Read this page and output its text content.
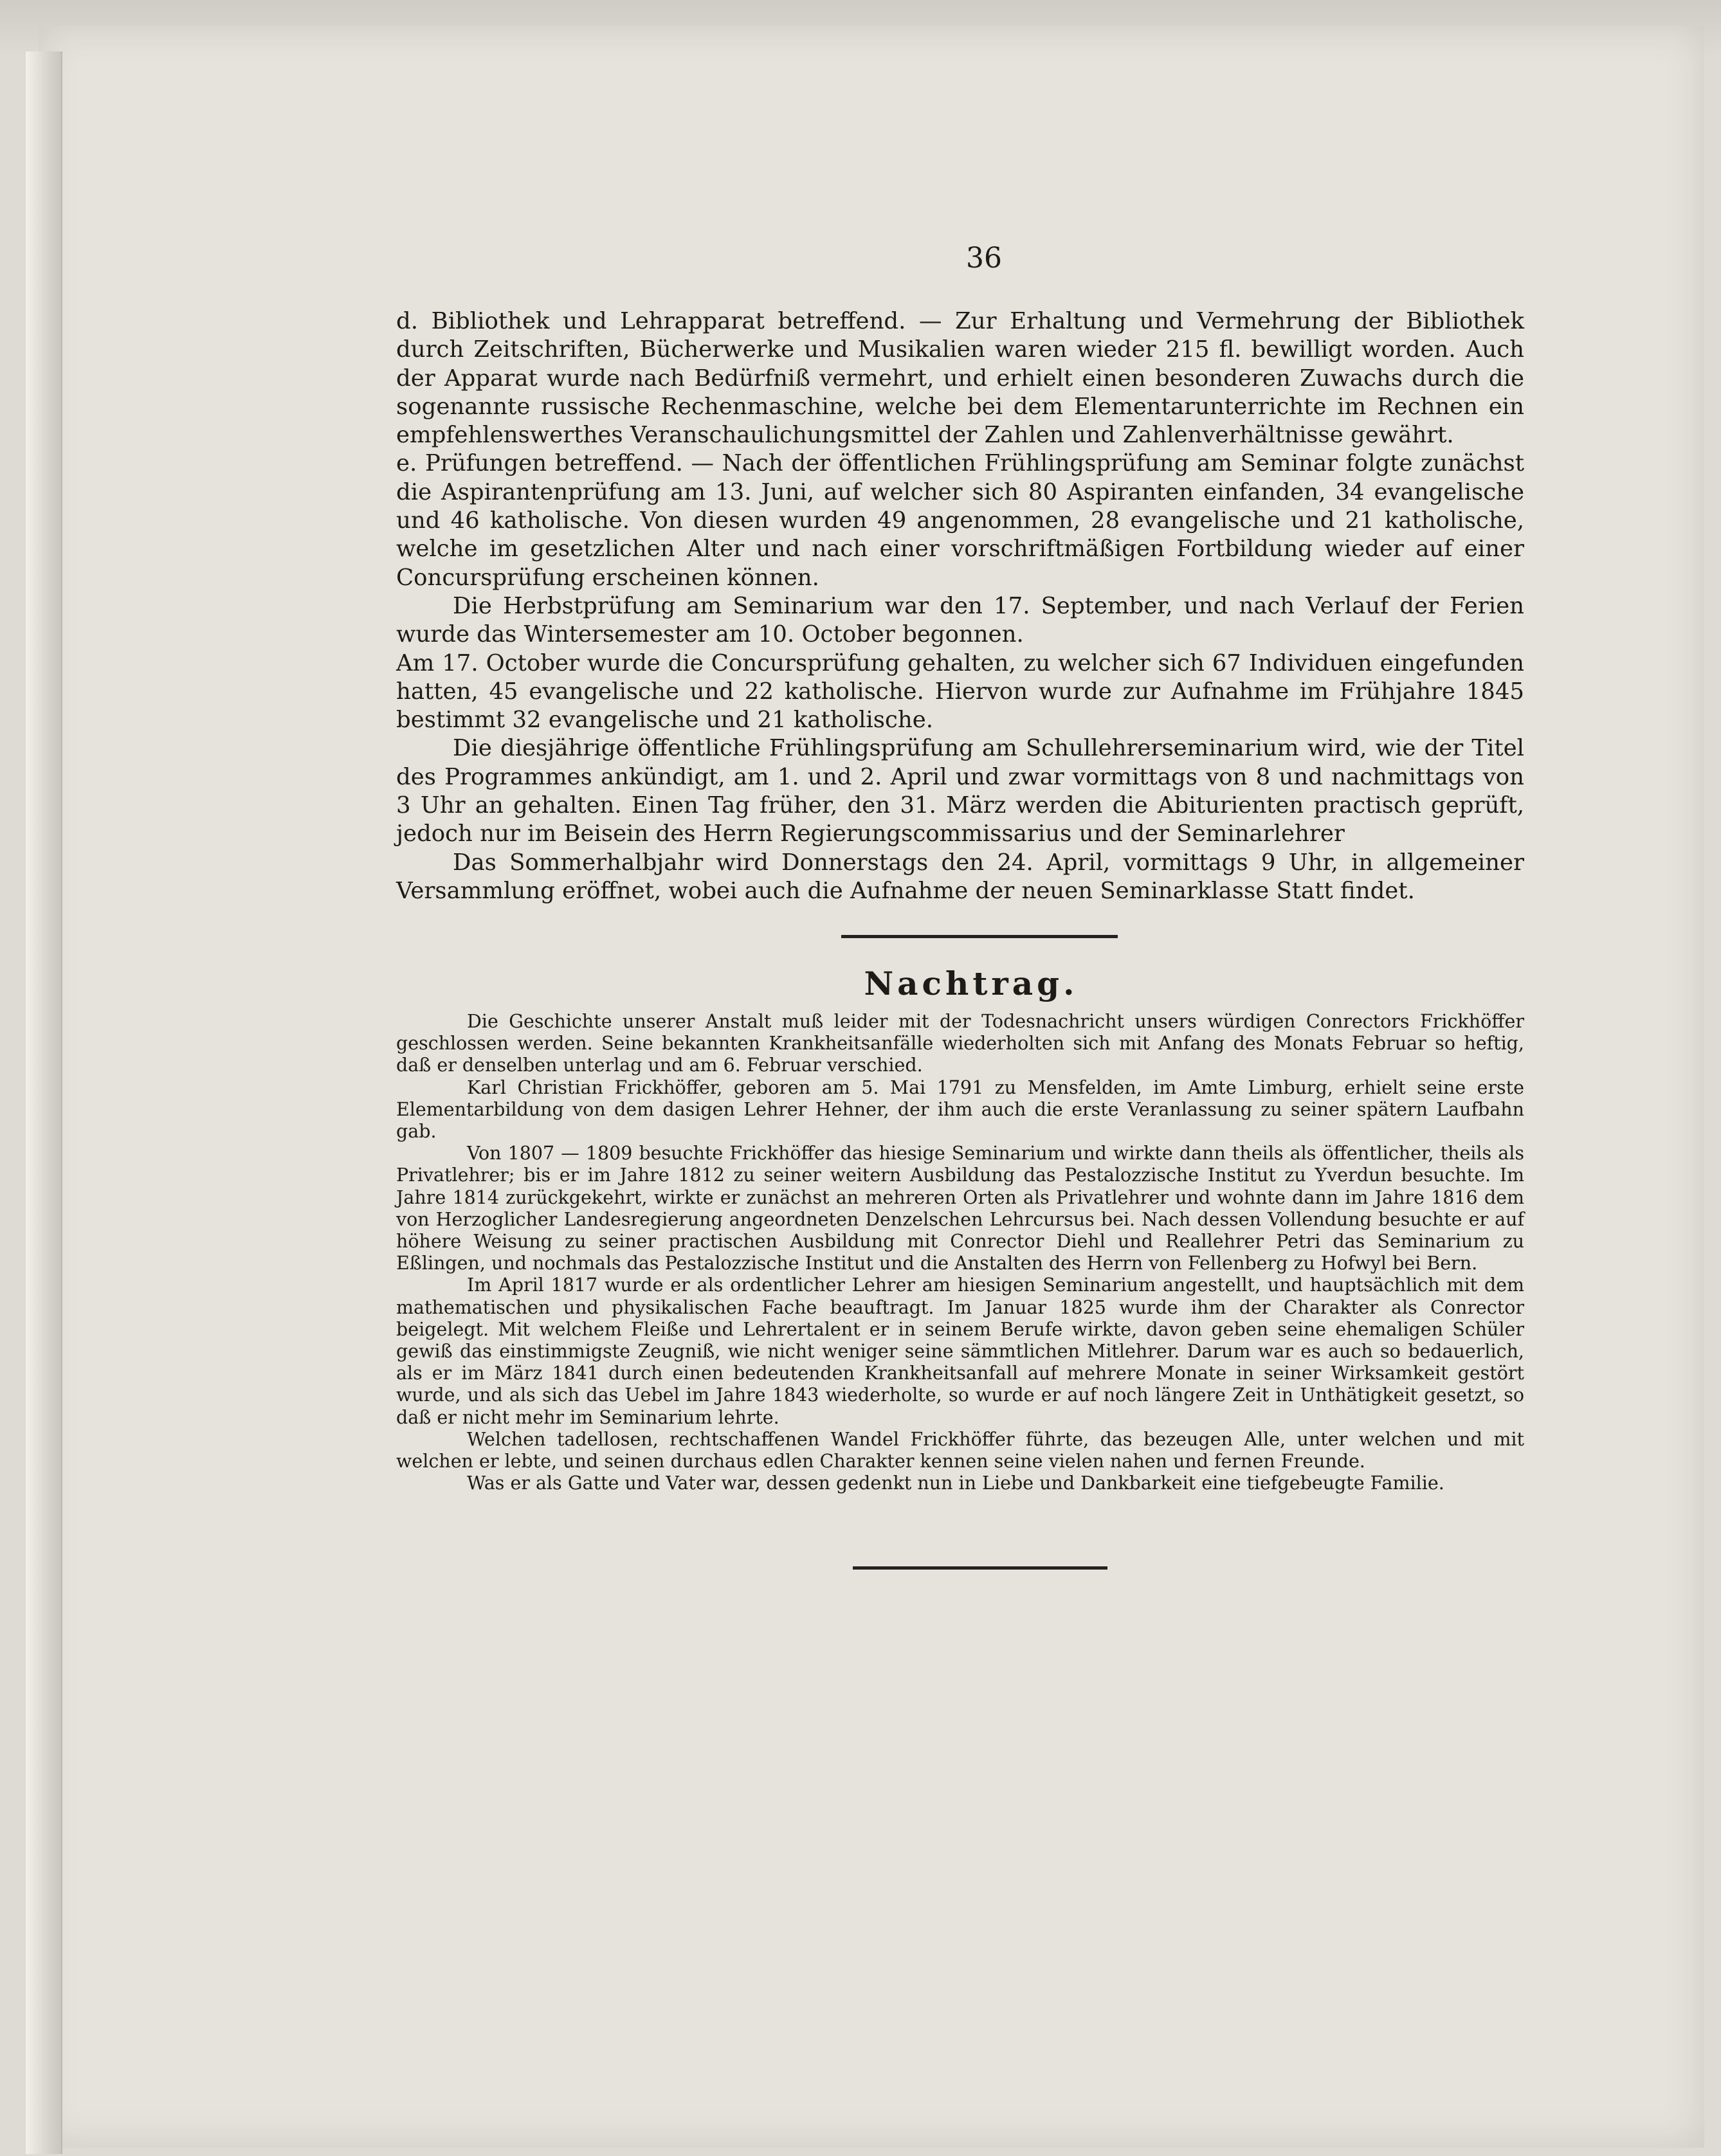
36

d. Bibliothek und Lehrapparat betreffend. — Zur Erhaltung und Vermehrung der Bibliothek durch Zeitschriften, Bücherwerke und Musikalien waren wieder 215 fl. bewilligt worden. Auch der Apparat wurde nach Bedürfniß vermehrt, und erhielt einen besonderen Zuwachs durch die sogenannte russische Rechenmaschine, welche bei dem Elementarunterrichte im Rechnen ein empfehlenswerthes Veranschaulichungsmittel der Zahlen und Zahlenverhältnisse gewährt.

e. Prüfungen betreffend. — Nach der öffentlichen Frühlingsprüfung am Seminar folgte zunächst die Aspirantenprüfung am 13. Juni, auf welcher sich 80 Aspiranten einfanden, 34 evangelische und 46 katholische. Von diesen wurden 49 angenommen, 28 evangelische und 21 katholische, welche im gesetzlichen Alter und nach einer vorschriftmäßigen Fortbildung wieder auf einer Concursprüfung erscheinen können.

Die Herbstprüfung am Seminarium war den 17. September, und nach Verlauf der Ferien wurde das Wintersemester am 10. October begonnen.

Am 17. October wurde die Concursprüfung gehalten, zu welcher sich 67 Individuen eingefunden hatten, 45 evangelische und 22 katholische. Hiervon wurde zur Aufnahme im Frühjahre 1845 bestimmt 32 evangelische und 21 katholische.

Die diesjährige öffentliche Frühlingsprüfung am Schullehrerseminarium wird, wie der Titel des Programmes ankündigt, am 1. und 2. April und zwar vormittags von 8 und nachmittags von 3 Uhr an gehalten. Einen Tag früher, den 31. März werden die Abiturienten practisch geprüft, jedoch nur im Beisein des Herrn Regierungscommissarius und der Seminarlehrer

Das Sommerhalbjahr wird Donnerstags den 24. April, vormittags 9 Uhr, in allgemeiner Versammlung eröffnet, wobei auch die Aufnahme der neuen Seminarklasse Statt findet.

Nachtrag.

Die Geschichte unserer Anstalt muß leider mit der Todesnachricht unsers würdigen Conrectors Frickhöffer geschlossen werden. Seine bekannten Krankheitsanfälle wiederholten sich mit Anfang des Monats Februar so heftig, daß er denselben unterlag und am 6. Februar verschied.

Karl Christian Frickhöffer, geboren am 5. Mai 1791 zu Mensfelden, im Amte Limburg, erhielt seine erste Elementarbildung von dem dasigen Lehrer Hehner, der ihm auch die erste Veranlassung zu seiner spätern Laufbahn gab.

Von 1807 — 1809 besuchte Frickhöffer das hiesige Seminarium und wirkte dann theils als öffentlicher, theils als Privatlehrer; bis er im Jahre 1812 zu seiner weitern Ausbildung das Pestalozzische Institut zu Yverdun besuchte. Im Jahre 1814 zurückgekehrt, wirkte er zunächst an mehreren Orten als Privatlehrer und wohnte dann im Jahre 1816 dem von Herzoglicher Landesregierung angeordneten Denzelschen Lehrcursus bei. Nach dessen Vollendung besuchte er auf höhere Weisung zu seiner practischen Ausbildung mit Conrector Diehl und Reallehrer Petri das Seminarium zu Eßlingen, und nochmals das Pestalozzische Institut und die Anstalten des Herrn von Fellenberg zu Hofwyl bei Bern.

Im April 1817 wurde er als ordentlicher Lehrer am hiesigen Seminarium angestellt, und hauptsächlich mit dem mathematischen und physikalischen Fache beauftragt. Im Januar 1825 wurde ihm der Charakter als Conrector beigelegt. Mit welchem Fleiße und Lehrertalent er in seinem Berufe wirkte, davon geben seine ehemaligen Schüler gewiß das einstimmigste Zeugniß, wie nicht weniger seine sämmtlichen Mitlehrer. Darum war es auch so bedauerlich, als er im März 1841 durch einen bedeutenden Krankheitsanfall auf mehrere Monate in seiner Wirksamkeit gestört wurde, und als sich das Uebel im Jahre 1843 wiederholte, so wurde er auf noch längere Zeit in Unthätigkeit gesetzt, so daß er nicht mehr im Seminarium lehrte.

Welchen tadellosen, rechtschaffenen Wandel Frickhöffer führte, das bezeugen Alle, unter welchen und mit welchen er lebte, und seinen durchaus edlen Charakter kennen seine vielen nahen und fernen Freunde.

Was er als Gatte und Vater war, dessen gedenkt nun in Liebe und Dankbarkeit eine tiefgebeugte Familie.
